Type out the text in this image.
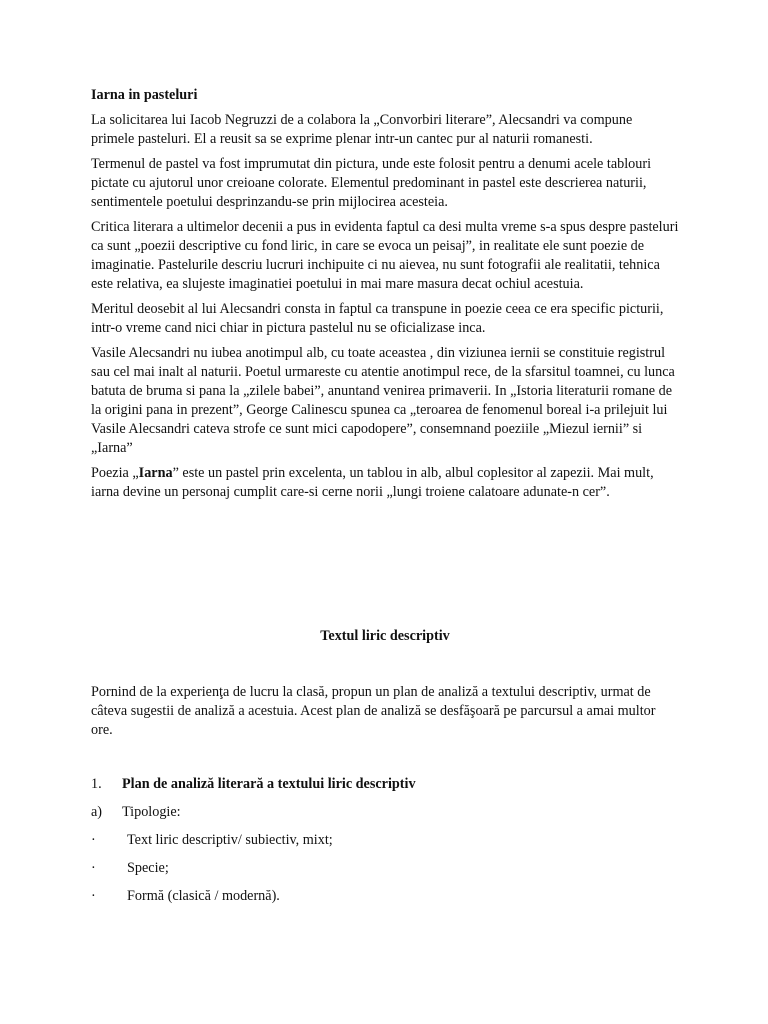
Iarna in pasteluri

La solicitarea lui Iacob Negruzzi de a colabora la „Convorbiri literare”, Alecsandri va compune primele pasteluri. El a reusit sa se exprime plenar intr-un cantec pur al naturii romanesti.

Termenul de pastel va fost imprumutat din pictura, unde este folosit pentru a denumi acele tablouri pictate cu ajutorul unor creioane colorate. Elementul predominant in pastel este descrierea naturii, sentimentele poetului desprinzandu-se prin mijlocirea acesteia.

Critica literara a ultimelor decenii a pus in evidenta faptul ca desi multa vreme s-a spus despre pasteluri ca sunt „poezii descriptive cu fond liric, in care se evoca un peisaj”, in realitate ele sunt poezie de imaginatie. Pastelurile descriu lucruri inchipuite ci nu aievea, nu sunt fotografii ale realitatii, tehnica este relativa, ea slujeste imaginatiei poetului in mai mare masura decat ochiul acestuia.

Meritul deosebit al lui Alecsandri consta in faptul ca transpune in poezie ceea ce era specific picturii, intr-o vreme cand nici chiar in pictura pastelul nu se oficializase inca.

Vasile Alecsandri nu iubea anotimpul alb, cu toate aceastea , din viziunea iernii se constituie registrul sau cel mai inalt al naturii. Poetul urmareste cu atentie anotimpul rece, de la sfarsitul toamnei, cu lunca batuta de bruma si pana la „zilele babei”, anuntand venirea primaverii. In „Istoria literaturii romane de la origini pana in prezent”, George Calinescu spunea ca „teroarea de fenomenul boreal i-a prilejuit lui Vasile Alecsandri cateva strofe ce sunt mici capodopere”, consemnand poeziile „Miezul iernii” si „Iarna”

Poezia „Iarna” este un pastel prin excelenta, un tablou in alb, albul coplesitor al zapezii. Mai mult, iarna devine un personaj cumplit care-si cerne norii „lungi troiene calatoare adunate-n cer”.

Textul liric descriptiv

Pornind de la experienţa de lucru la clasă, propun un plan de analiză a textului descriptiv, urmat de câteva sugestii de analiză a acestuia. Acest plan de analiză se desfăşoară pe parcursul a amai multor ore.

1.	Plan de analiză literară a textului liric descriptiv
a)	Tipologie:
·	Text liric descriptiv/ subiectiv, mixt;
·	Specie;
·	Formă (clasică / modernă).
